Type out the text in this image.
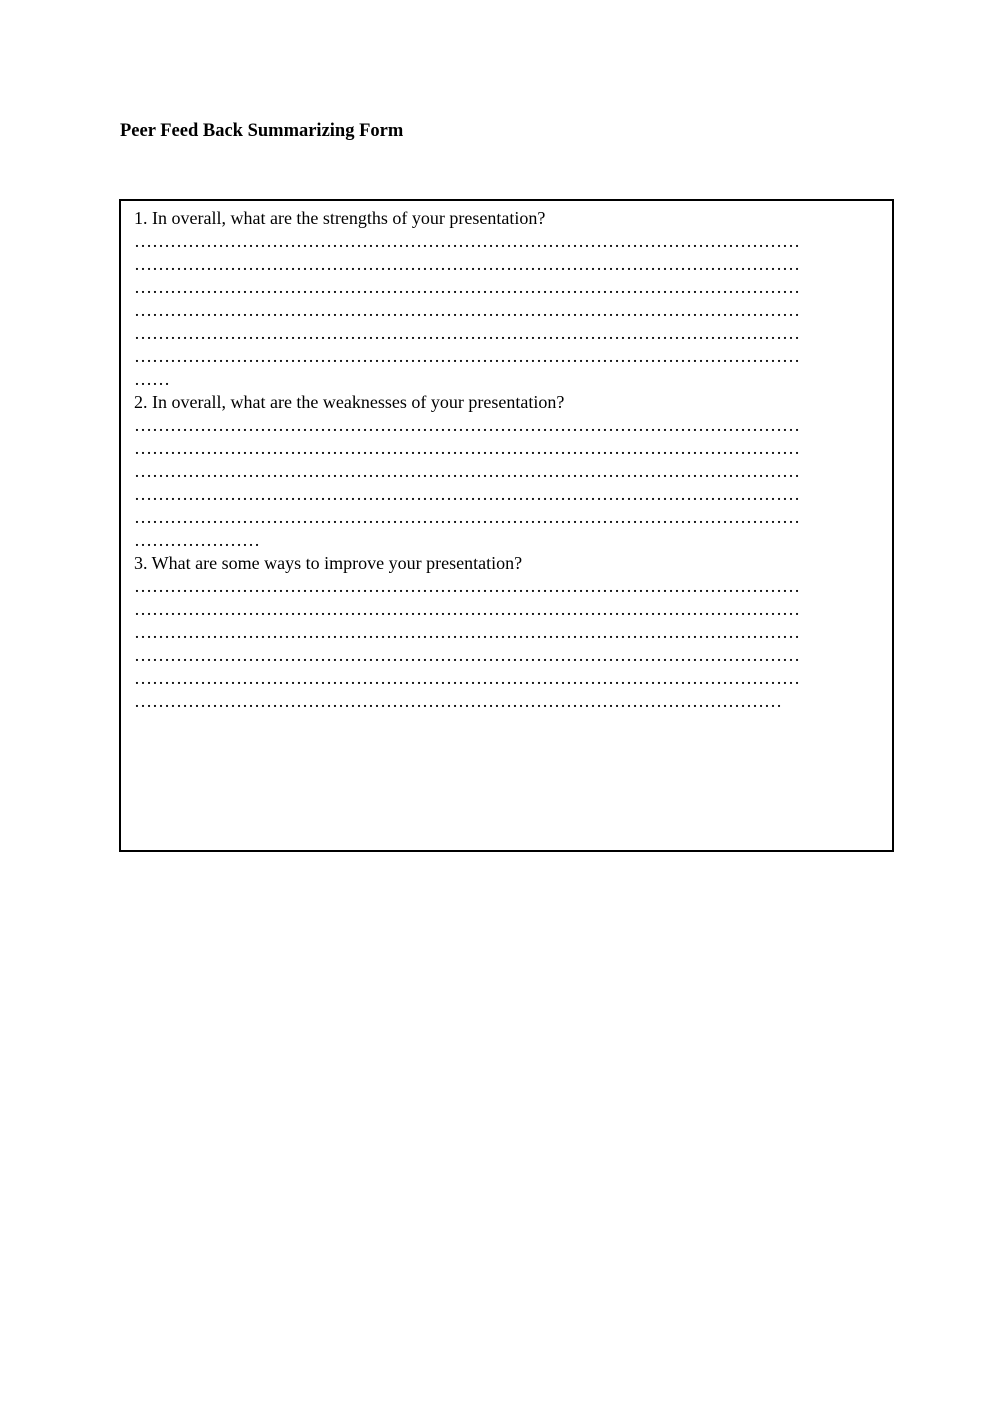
Peer Feed Back Summarizing Form
1. In overall, what are the strengths of your presentation?
…………………………………………………………………………………………………
…………………………………………………………………………………………………
…………………………………………………………………………………………………
…………………………………………………………………………………………………
…………………………………………………………………………………………………
…………………………………………………………………………………………………
……
2. In overall, what are the weaknesses of your presentation?
…………………………………………………………………………………………………
…………………………………………………………………………………………………
…………………………………………………………………………………………………
…………………………………………………………………………………………………
…………………………………………………………………………………………………
…………………
3. What are some ways to improve your presentation?
…………………………………………………………………………………………………
…………………………………………………………………………………………………
…………………………………………………………………………………………………
…………………………………………………………………………………………………
…………………………………………………………………………………………………
………………………………………………………………………………………………
